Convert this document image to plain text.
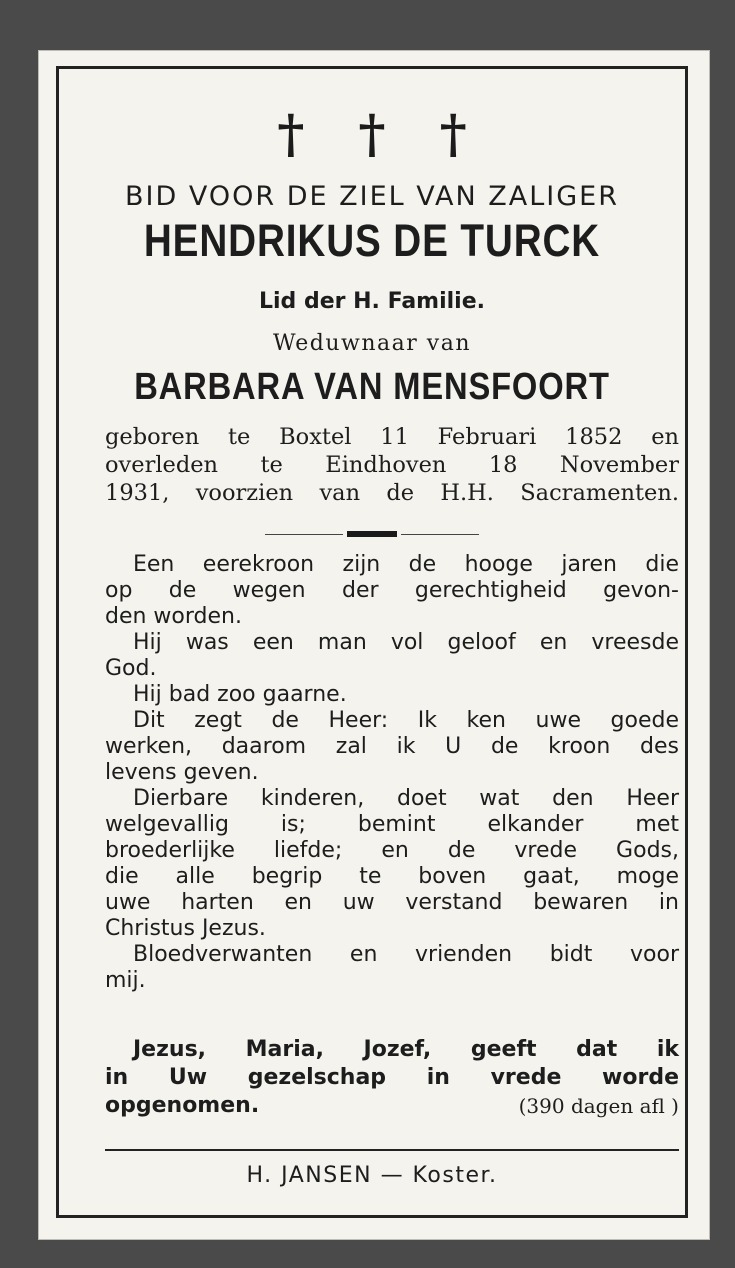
† † †
BID VOOR DE ZIEL VAN ZALIGER
HENDRIKUS DE TURCK
Lid der H. Familie.
Weduwnaar van
BARBARA VAN MENSFOORT
geboren te Boxtel 11 Februari 1852 en
overleden te Eindhoven 18 November
1931, voorzien van de H.H. Sacramenten.
Een eerekroon zijn de hooge jaren die
op de wegen der gerechtigheid gevon-
den worden.
Hij was een man vol geloof en vreesde
God.
Hij bad zoo gaarne.
Dit zegt de Heer: Ik ken uwe goede
werken, daarom zal ik U de kroon des
levens geven.
Dierbare kinderen, doet wat den Heer
welgevallig is; bemint elkander met
broederlijke liefde; en de vrede Gods,
die alle begrip te boven gaat, moge
uwe harten en uw verstand bewaren in
Christus Jezus.
Bloedverwanten en vrienden bidt voor
mij.
Jezus, Maria, Jozef, geeft dat ik
in Uw gezelschap in vrede worde
opgenomen.	(390 dagen afl )
H. JANSEN — Koster.
